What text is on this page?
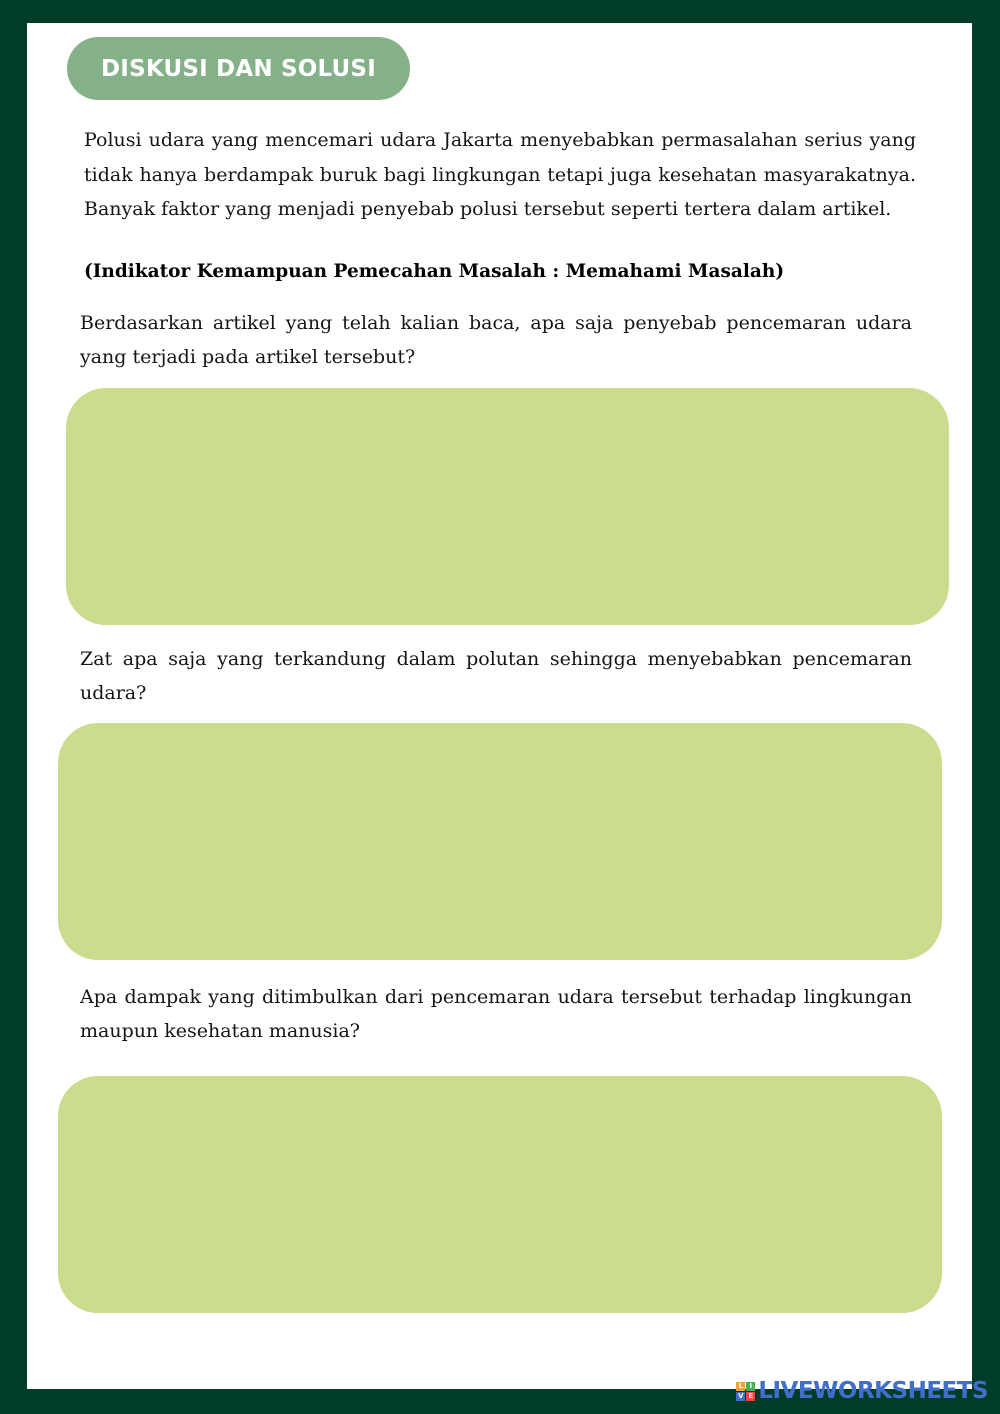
DISKUSI DAN SOLUSI

Polusi udara yang mencemari udara Jakarta menyebabkan permasalahan serius yang tidak hanya berdampak buruk bagi lingkungan tetapi juga kesehatan masyarakatnya. Banyak faktor yang menjadi penyebab polusi tersebut seperti tertera dalam artikel.

(Indikator Kemampuan Pemecahan Masalah : Memahami Masalah)

Berdasarkan artikel yang telah kalian baca, apa saja penyebab pencemaran udara yang terjadi pada artikel tersebut?

Zat apa saja yang terkandung dalam polutan sehingga menyebabkan pencemaran udara?

Apa dampak yang ditimbulkan dari pencemaran udara tersebut terhadap lingkungan maupun kesehatan manusia?

L I
V E LIVEWORKSHEETS
